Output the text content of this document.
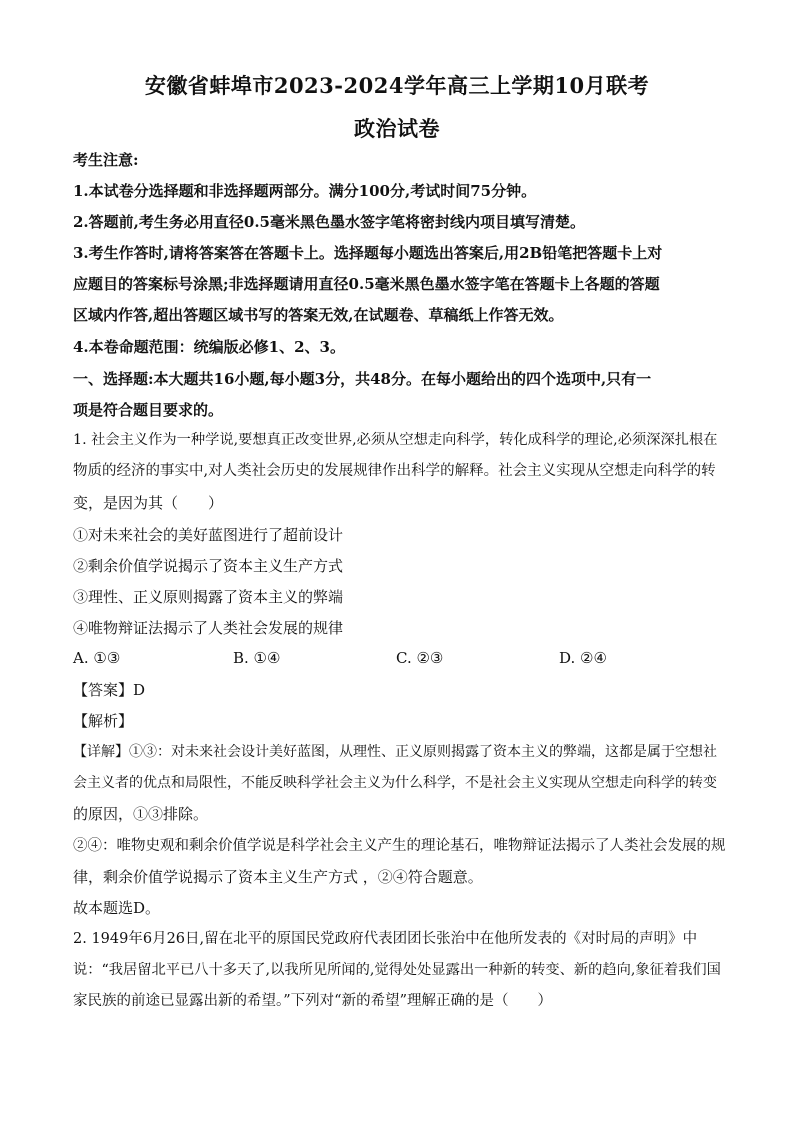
安徽省蚌埠市2023-2024学年高三上学期10月联考
政治试卷
考生注意:
1.本试卷分选择题和非选择题两部分。满分100分,考试时间75分钟。
2.答题前,考生务必用直径0.5毫米黑色墨水签字笔将密封线内项目填写清楚。
3.考生作答时,请将答案答在答题卡上。选择题每小题选出答案后,用2B铅笔把答题卡上对
应题目的答案标号涂黑;非选择题请用直径0.5毫米黑色墨水签字笔在答题卡上各题的答题
区域内作答,超出答题区域书写的答案无效,在试题卷、草稿纸上作答无效。
4.本卷命题范围：统编版必修1、2、3。
一、选择题:本大题共16小题,每小题3分，共48分。在每小题给出的四个选项中,只有一
项是符合题目要求的。
1. 社会主义作为一种学说,要想真正改变世界,必须从空想走向科学，转化成科学的理论,必须深深扎根在
物质的经济的事实中,对人类社会历史的发展规律作出科学的解释。社会主义实现从空想走向科学的转
变，是因为其（　　）
①对未来社会的美好蓝图进行了超前设计
②剩余价值学说揭示了资本主义生产方式
③理性、正义原则揭露了资本主义的弊端
④唯物辩证法揭示了人类社会发展的规律
A. ①③	B. ①④	C. ②③	D. ②④
【答案】D
【解析】
【详解】①③：对未来社会设计美好蓝图，从理性、正义原则揭露了资本主义的弊端，这都是属于空想社
会主义者的优点和局限性，不能反映科学社会主义为什么科学，不是社会主义实现从空想走向科学的转变
的原因，①③排除。
②④：唯物史观和剩余价值学说是科学社会主义产生的理论基石，唯物辩证法揭示了人类社会发展的规
律，剩余价值学说揭示了资本主义生产方式 ，②④符合题意。
故本题选D。
2. 1949年6月26日,留在北平的原国民党政府代表团团长张治中在他所发表的《对时局的声明》中
说：“我居留北平已八十多天了,以我所见所闻的,觉得处处显露出一种新的转变、新的趋向,象征着我们国
家民族的前途已显露出新的希望。”下列对“新的希望”理解正确的是（　　）
